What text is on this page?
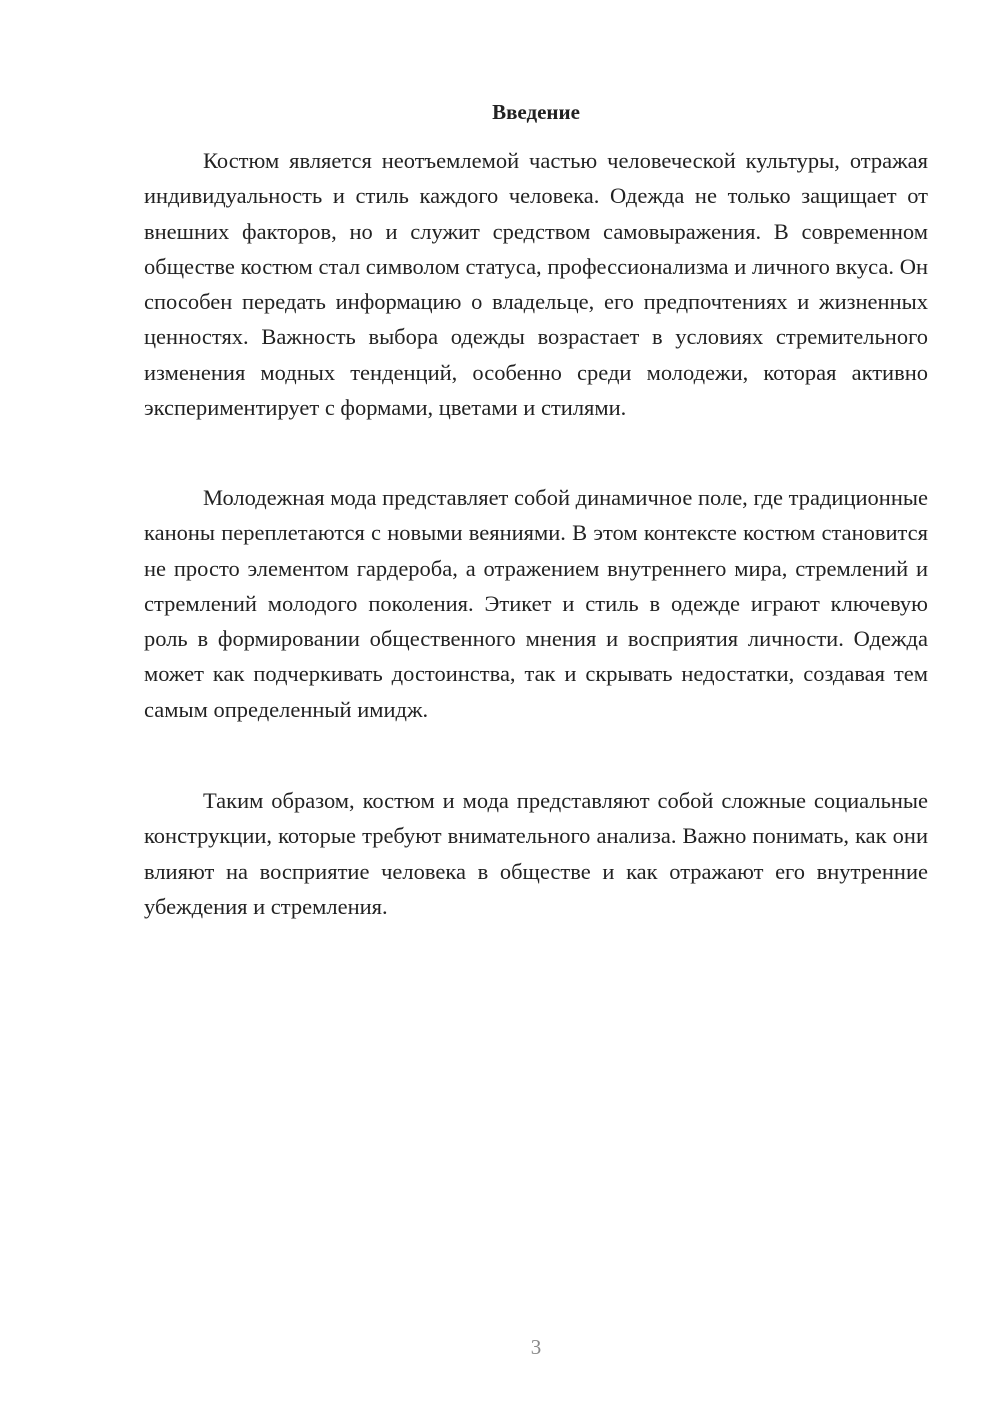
Введение

Костюм является неотъемлемой частью человеческой культуры, отражая индивидуальность и стиль каждого человека. Одежда не только защищает от внешних факторов, но и служит средством самовыражения. В современном обществе костюм стал символом статуса, профессионализма и личного вкуса. Он способен передать информацию о владельце, его предпочтениях и жизненных ценностях. Важность выбора одежды возрастает в условиях стремительного изменения модных тенденций, особенно среди молодежи, которая активно экспериментирует с формами, цветами и стилями.

Молодежная мода представляет собой динамичное поле, где традиционные каноны переплетаются с новыми веяниями. В этом контексте костюм становится не просто элементом гардероба, а отражением внутреннего мира, стремлений и стремлений молодого поколения. Этикет и стиль в одежде играют ключевую роль в формировании общественного мнения и восприятия личности. Одежда может как подчеркивать достоинства, так и скрывать недостатки, создавая тем самым определенный имидж.

Таким образом, костюм и мода представляют собой сложные социальные конструкции, которые требуют внимательного анализа. Важно понимать, как они влияют на восприятие человека в обществе и как отражают его внутренние убеждения и стремления.

3
